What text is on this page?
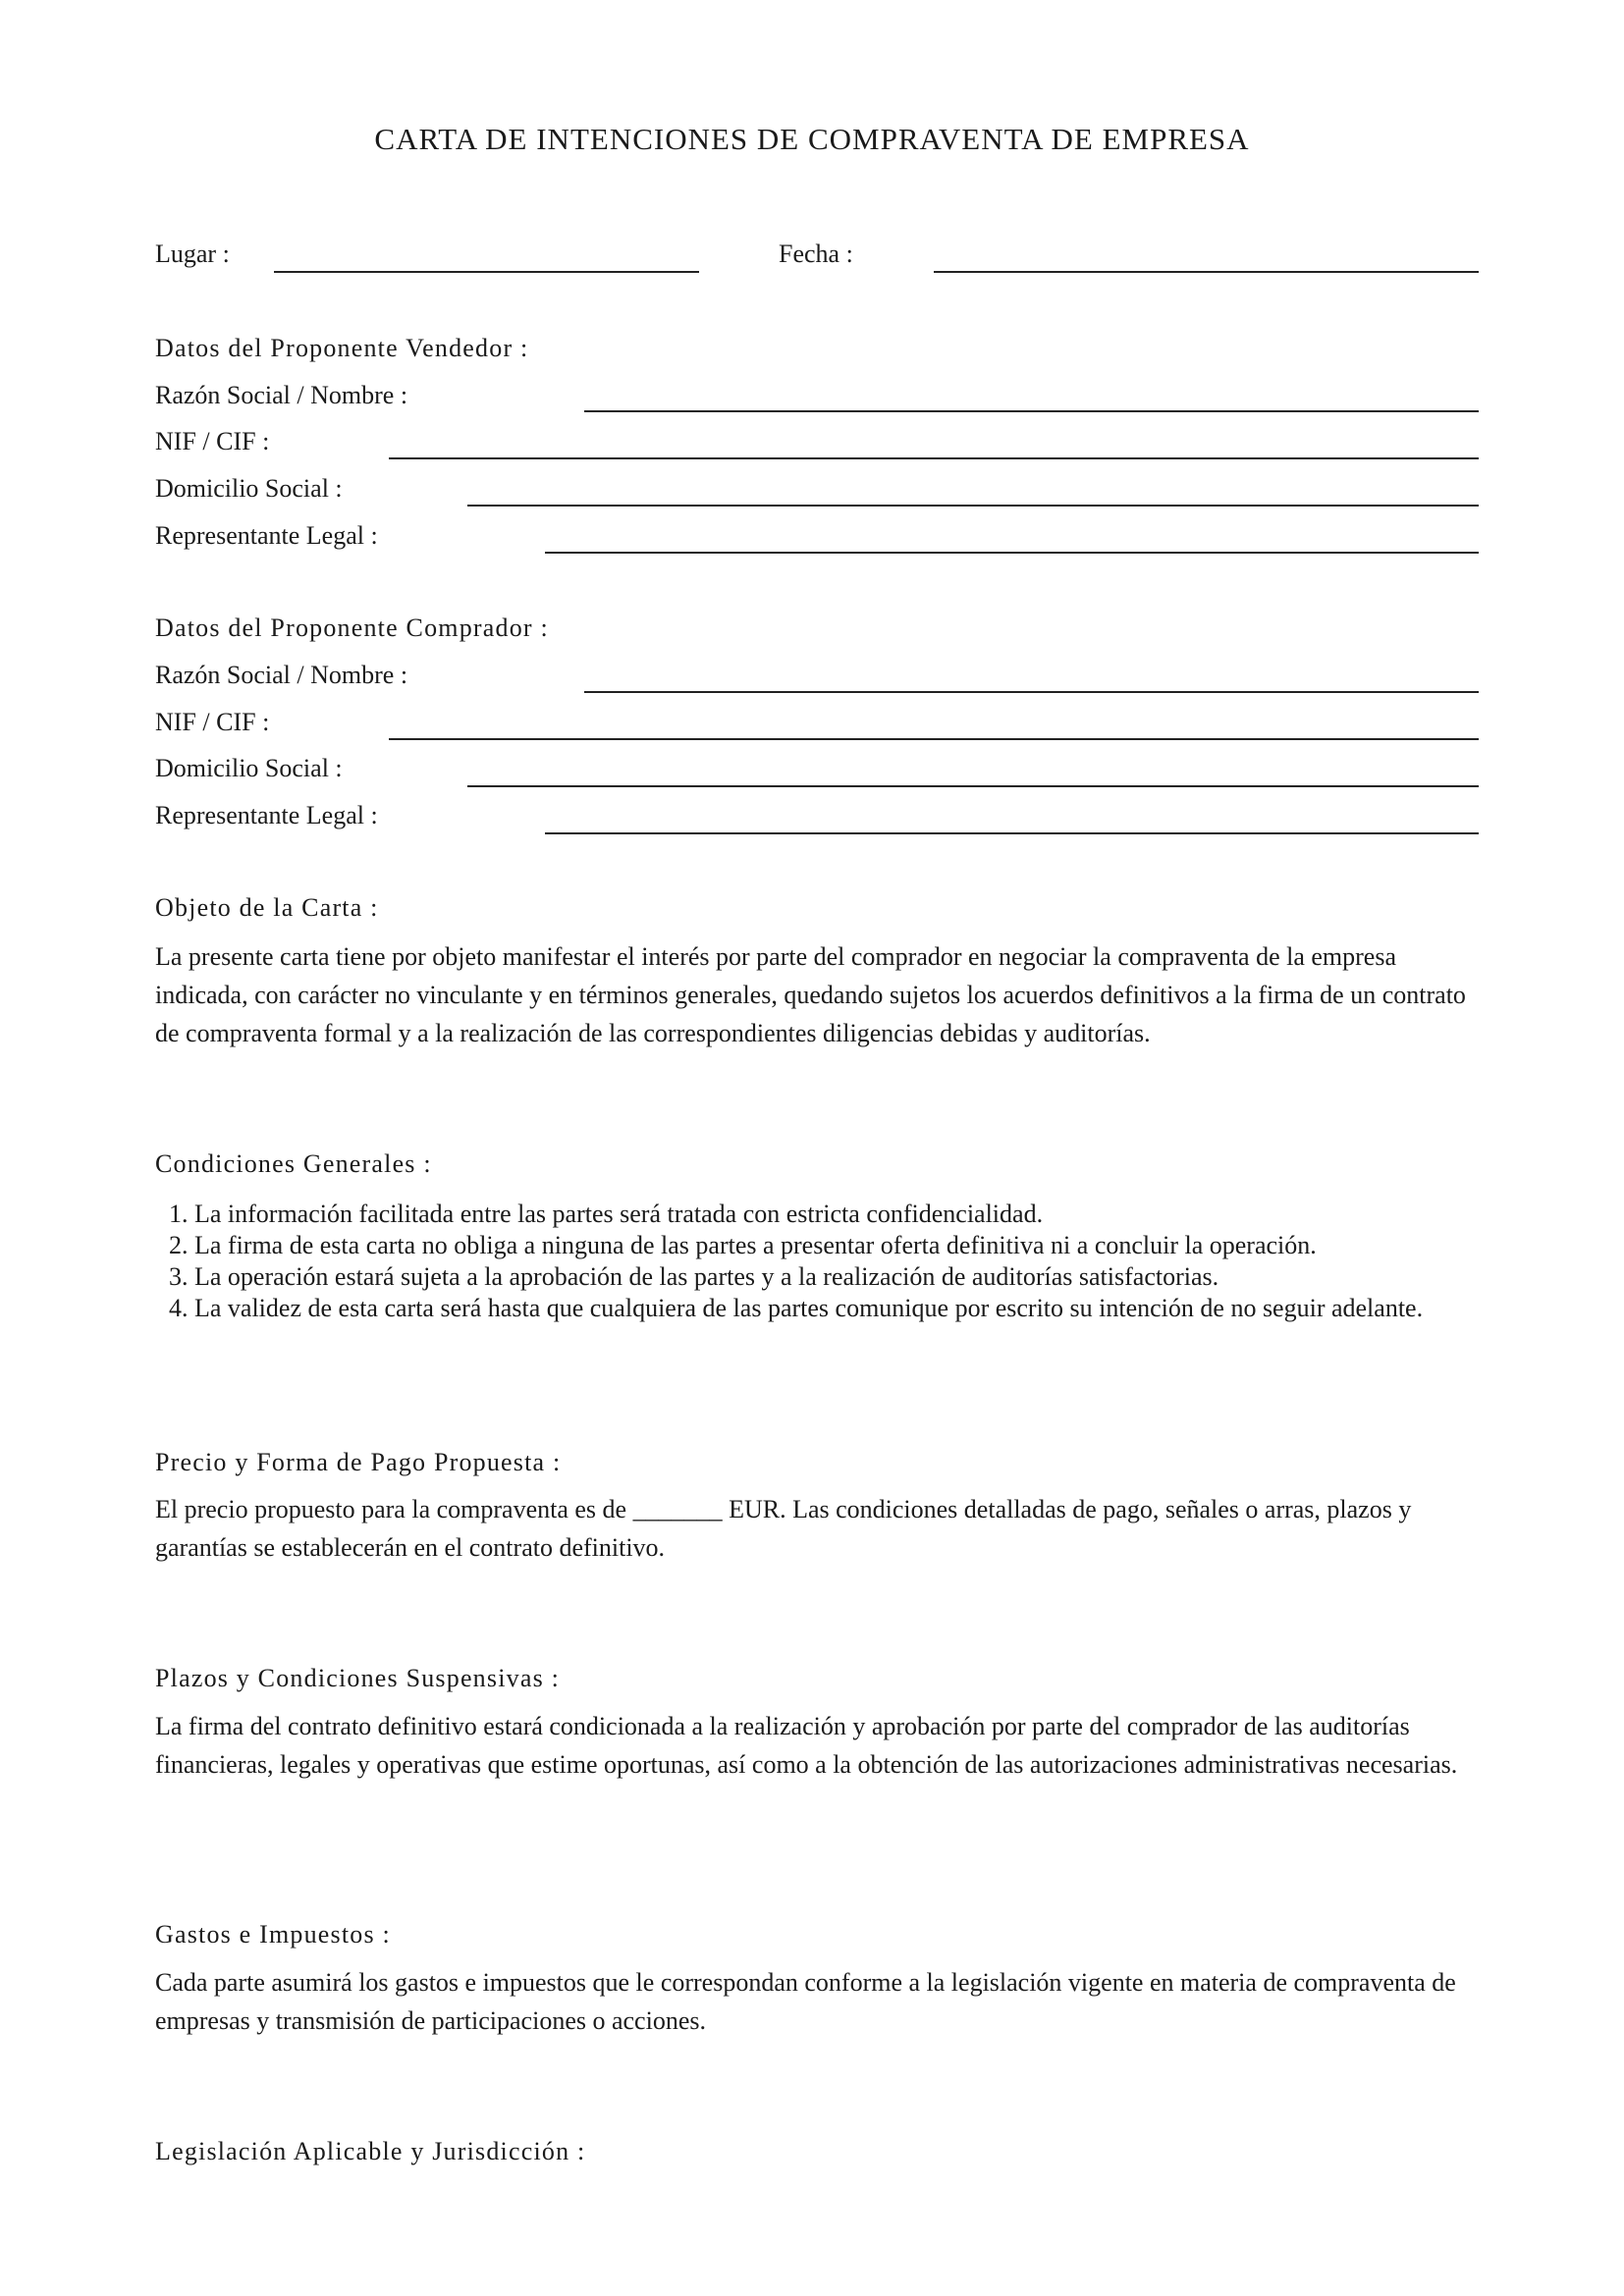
CARTA DE INTENCIONES DE COMPRAVENTA DE EMPRESA
Lugar :	Fecha :
Datos del Proponente Vendedor :
Razón Social / Nombre :
NIF / CIF :
Domicilio Social :
Representante Legal :
Datos del Proponente Comprador :
Razón Social / Nombre :
NIF / CIF :
Domicilio Social :
Representante Legal :
Objeto de la Carta :
La presente carta tiene por objeto manifestar el interés por parte del comprador en negociar la compraventa de la empresa indicada, con carácter no vinculante y en términos generales, quedando sujetos los acuerdos definitivos a la firma de un contrato de compraventa formal y a la realización de las correspondientes diligencias debidas y auditorías.
Condiciones Generales :
1. La información facilitada entre las partes será tratada con estricta confidencialidad.
2. La firma de esta carta no obliga a ninguna de las partes a presentar oferta definitiva ni a concluir la operación.
3. La operación estará sujeta a la aprobación de las partes y a la realización de auditorías satisfactorias.
4. La validez de esta carta será hasta que cualquiera de las partes comunique por escrito su intención de no seguir adelante.
Precio y Forma de Pago Propuesta :
El precio propuesto para la compraventa es de _______ EUR. Las condiciones detalladas de pago, señales o arras, plazos y garantías se establecerán en el contrato definitivo.
Plazos y Condiciones Suspensivas :
La firma del contrato definitivo estará condicionada a la realización y aprobación por parte del comprador de las auditorías financieras, legales y operativas que estime oportunas, así como a la obtención de las autorizaciones administrativas necesarias.
Gastos e Impuestos :
Cada parte asumirá los gastos e impuestos que le correspondan conforme a la legislación vigente en materia de compraventa de empresas y transmisión de participaciones o acciones.
Legislación Aplicable y Jurisdicción :
